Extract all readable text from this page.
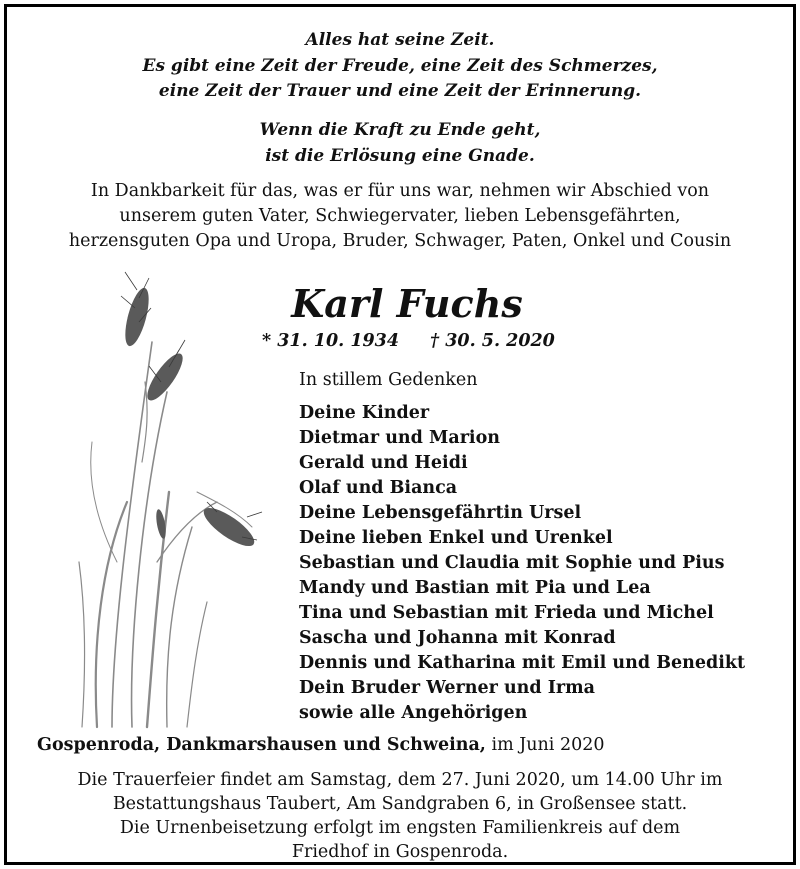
Alles hat seine Zeit.
Es gibt eine Zeit der Freude, eine Zeit des Schmerzes,
eine Zeit der Trauer und eine Zeit der Erinnerung.
Wenn die Kraft zu Ende geht,
ist die Erlösung eine Gnade.
In Dankbarkeit für das, was er für uns war, nehmen wir Abschied von
unserem guten Vater, Schwiegervater, lieben Lebensgefährten,
herzensguten Opa und Uropa, Bruder, Schwager, Paten, Onkel und Cousin
Karl Fuchs
* 31. 10. 1934 † 30. 5. 2020
In stillem Gedenken
Deine Kinder
Dietmar und Marion
Gerald und Heidi
Olaf und Bianca
Deine Lebensgefährtin Ursel
Deine lieben Enkel und Urenkel
Sebastian und Claudia mit Sophie und Pius
Mandy und Bastian mit Pia und Lea
Tina und Sebastian mit Frieda und Michel
Sascha und Johanna mit Konrad
Dennis und Katharina mit Emil und Benedikt
Dein Bruder Werner und Irma
sowie alle Angehörigen
Gospenroda, Dankmarshausen und Schweina, im Juni 2020
Die Trauerfeier findet am Samstag, dem 27. Juni 2020, um 14.00 Uhr im
Bestattungshaus Taubert, Am Sandgraben 6, in Großensee statt.
Die Urnenbeisetzung erfolgt im engsten Familienkreis auf dem
Friedhof in Gospenroda.
